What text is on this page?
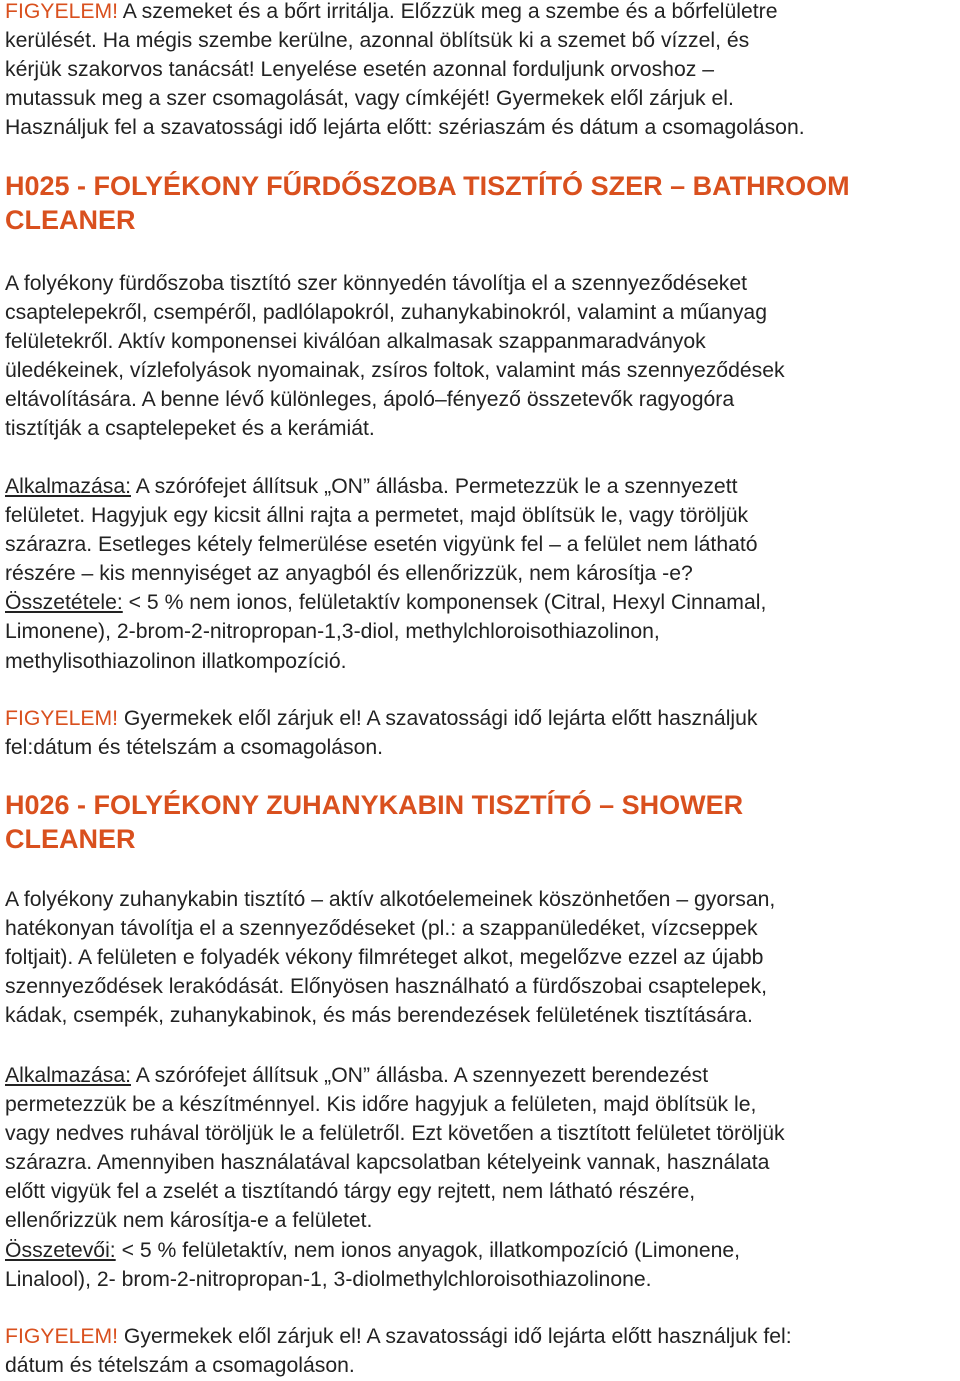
FIGYELEM! A szemeket és a bőrt irritálja. Előzzük meg a szembe és a bőrfelületre
kerülését. Ha mégis szembe kerülne, azonnal öblítsük ki a szemet bő vízzel, és
kérjük szakorvos tanácsát! Lenyelése esetén azonnal forduljunk orvoshoz –
mutassuk meg a szer csomagolását, vagy címkéjét! Gyermekek elől zárjuk el.
Használjuk fel a szavatossági idő lejárta előtt: szériaszám és dátum a csomagoláson.

H025 - FOLYÉKONY FŰRDŐSZOBA TISZTÍTÓ SZER – BATHROOM
CLEANER

A folyékony fürdőszoba tisztító szer könnyedén távolítja el a szennyeződéseket
csaptelepekről, csempéről, padlólapokról, zuhanykabinokról, valamint a műanyag
felületekről. Aktív komponensei kiválóan alkalmasak szappanmaradványok
üledékeinek, vízlefolyások nyomainak, zsíros foltok, valamint más szennyeződések
eltávolítására. A benne lévő különleges, ápoló–fényező összetevők ragyogóra
tisztítják a csaptelepeket és a kerámiát.

Alkalmazása: A szórófejet állítsuk „ON” állásba. Permetezzük le a szennyezett
felületet. Hagyjuk egy kicsit állni rajta a permetet, majd öblítsük le, vagy töröljük
szárazra. Esetleges kétely felmerülése esetén vigyünk fel – a felület nem látható
részére – kis mennyiséget az anyagból és ellenőrizzük, nem károsítja -e?
Összetétele: < 5 % nem ionos, felületaktív komponensek (Citral, Hexyl Cinnamal,
Limonene), 2-brom-2-nitropropan-1,3-diol, methylchloroisothiazolinon,
methylisothiazolinon illatkompozíció.

FIGYELEM! Gyermekek elől zárjuk el! A szavatossági idő lejárta előtt használjuk
fel:dátum és tételszám a csomagoláson.

H026 - FOLYÉKONY ZUHANYKABIN TISZTÍTÓ – SHOWER
CLEANER

A folyékony zuhanykabin tisztító – aktív alkotóelemeinek köszönhetően – gyorsan,
hatékonyan távolítja el a szennyeződéseket (pl.: a szappanüledéket, vízcseppek
foltjait). A felületen e folyadék vékony filmréteget alkot, megelőzve ezzel az újabb
szennyeződések lerakódását. Előnyösen használható a fürdőszobai csaptelepek,
kádak, csempék, zuhanykabinok, és más berendezések felületének tisztítására.

Alkalmazása: A szórófejet állítsuk „ON” állásba. A szennyezett berendezést
permetezzük be a készítménnyel. Kis időre hagyjuk a felületen, majd öblítsük le,
vagy nedves ruhával töröljük le a felületről. Ezt követően a tisztított felületet töröljük
szárazra. Amennyiben használatával kapcsolatban kételyeink vannak, használata
előtt vigyük fel a zselét a tisztítandó tárgy egy rejtett, nem látható részére,
ellenőrizzük nem károsítja-e a felületet.
Összetevői: < 5 % felületaktív, nem ionos anyagok, illatkompozíció (Limonene,
Linalool), 2- brom-2-nitropropan-1, 3-diolmethylchloroisothiazolinone.

FIGYELEM! Gyermekek elől zárjuk el! A szavatossági idő lejárta előtt használjuk fel:
dátum és tételszám a csomagoláson.
